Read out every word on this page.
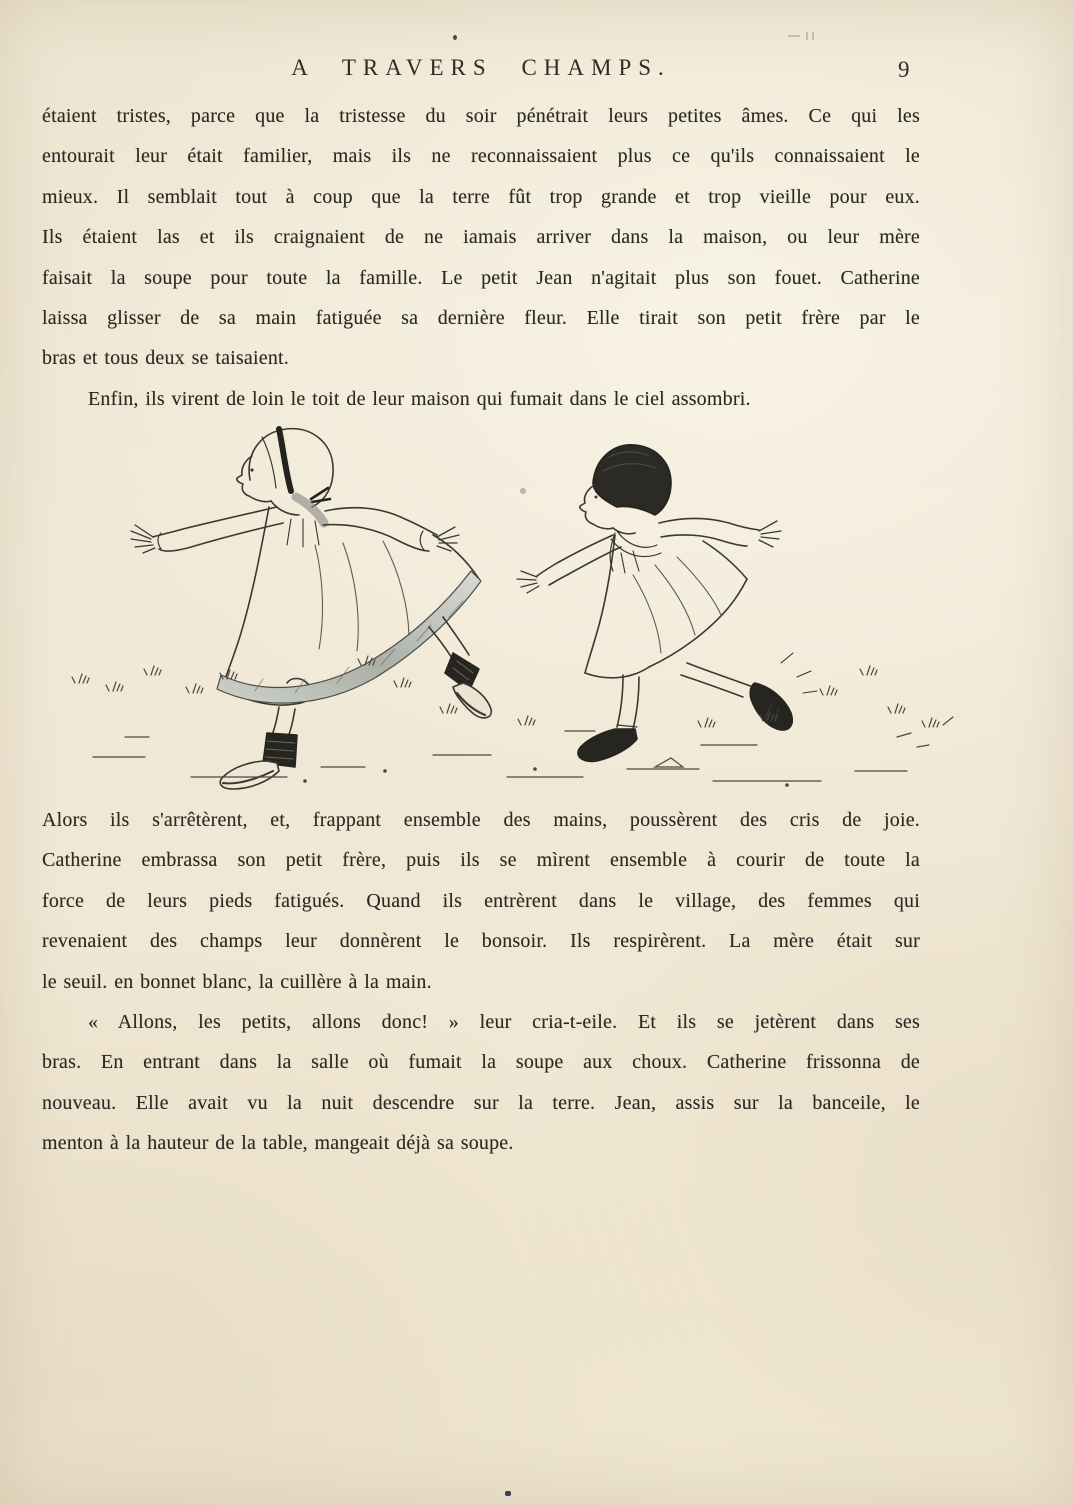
A TRAVERS CHAMPS.	9
étaient tristes, parce que la tristesse du soir pénétrait leurs petites âmes. Ce qui les
entourait leur était familier, mais ils ne reconnaissaient plus ce qu'ils connaissaient le
mieux. Il semblait tout à coup que la terre fût trop grande et trop vieille pour eux.
Ils étaient las et ils craignaient de ne iamais arriver dans la maison, ou leur mère
faisait la soupe pour toute la famille. Le petit Jean n'agitait plus son fouet. Catherine
laissa glisser de sa main fatiguée sa dernière fleur. Elle tirait son petit frère par le
bras et tous deux se taisaient.
Enfin, ils virent de loin le toit de leur maison qui fumait dans le ciel assombri.
Alors ils s'arrêtèrent, et, frappant ensemble des mains, poussèrent des cris de joie.
Catherine embrassa son petit frère, puis ils se mìrent ensemble à courir de toute la
force de leurs pieds fatigués. Quand ils entrèrent dans le village, des femmes qui
revenaient des champs leur donnèrent le bonsoir. Ils respirèrent. La mère était sur
le seuil. en bonnet blanc, la cuillère à la main.
« Allons, les petits, allons donc! » leur cria-t-eile. Et ils se jetèrent dans ses
bras. En entrant dans la salle où fumait la soupe aux choux. Catherine frissonna de
nouveau. Elle avait vu la nuit descendre sur la terre. Jean, assis sur la banceile, le
menton à la hauteur de la table, mangeait déjà sa soupe.
